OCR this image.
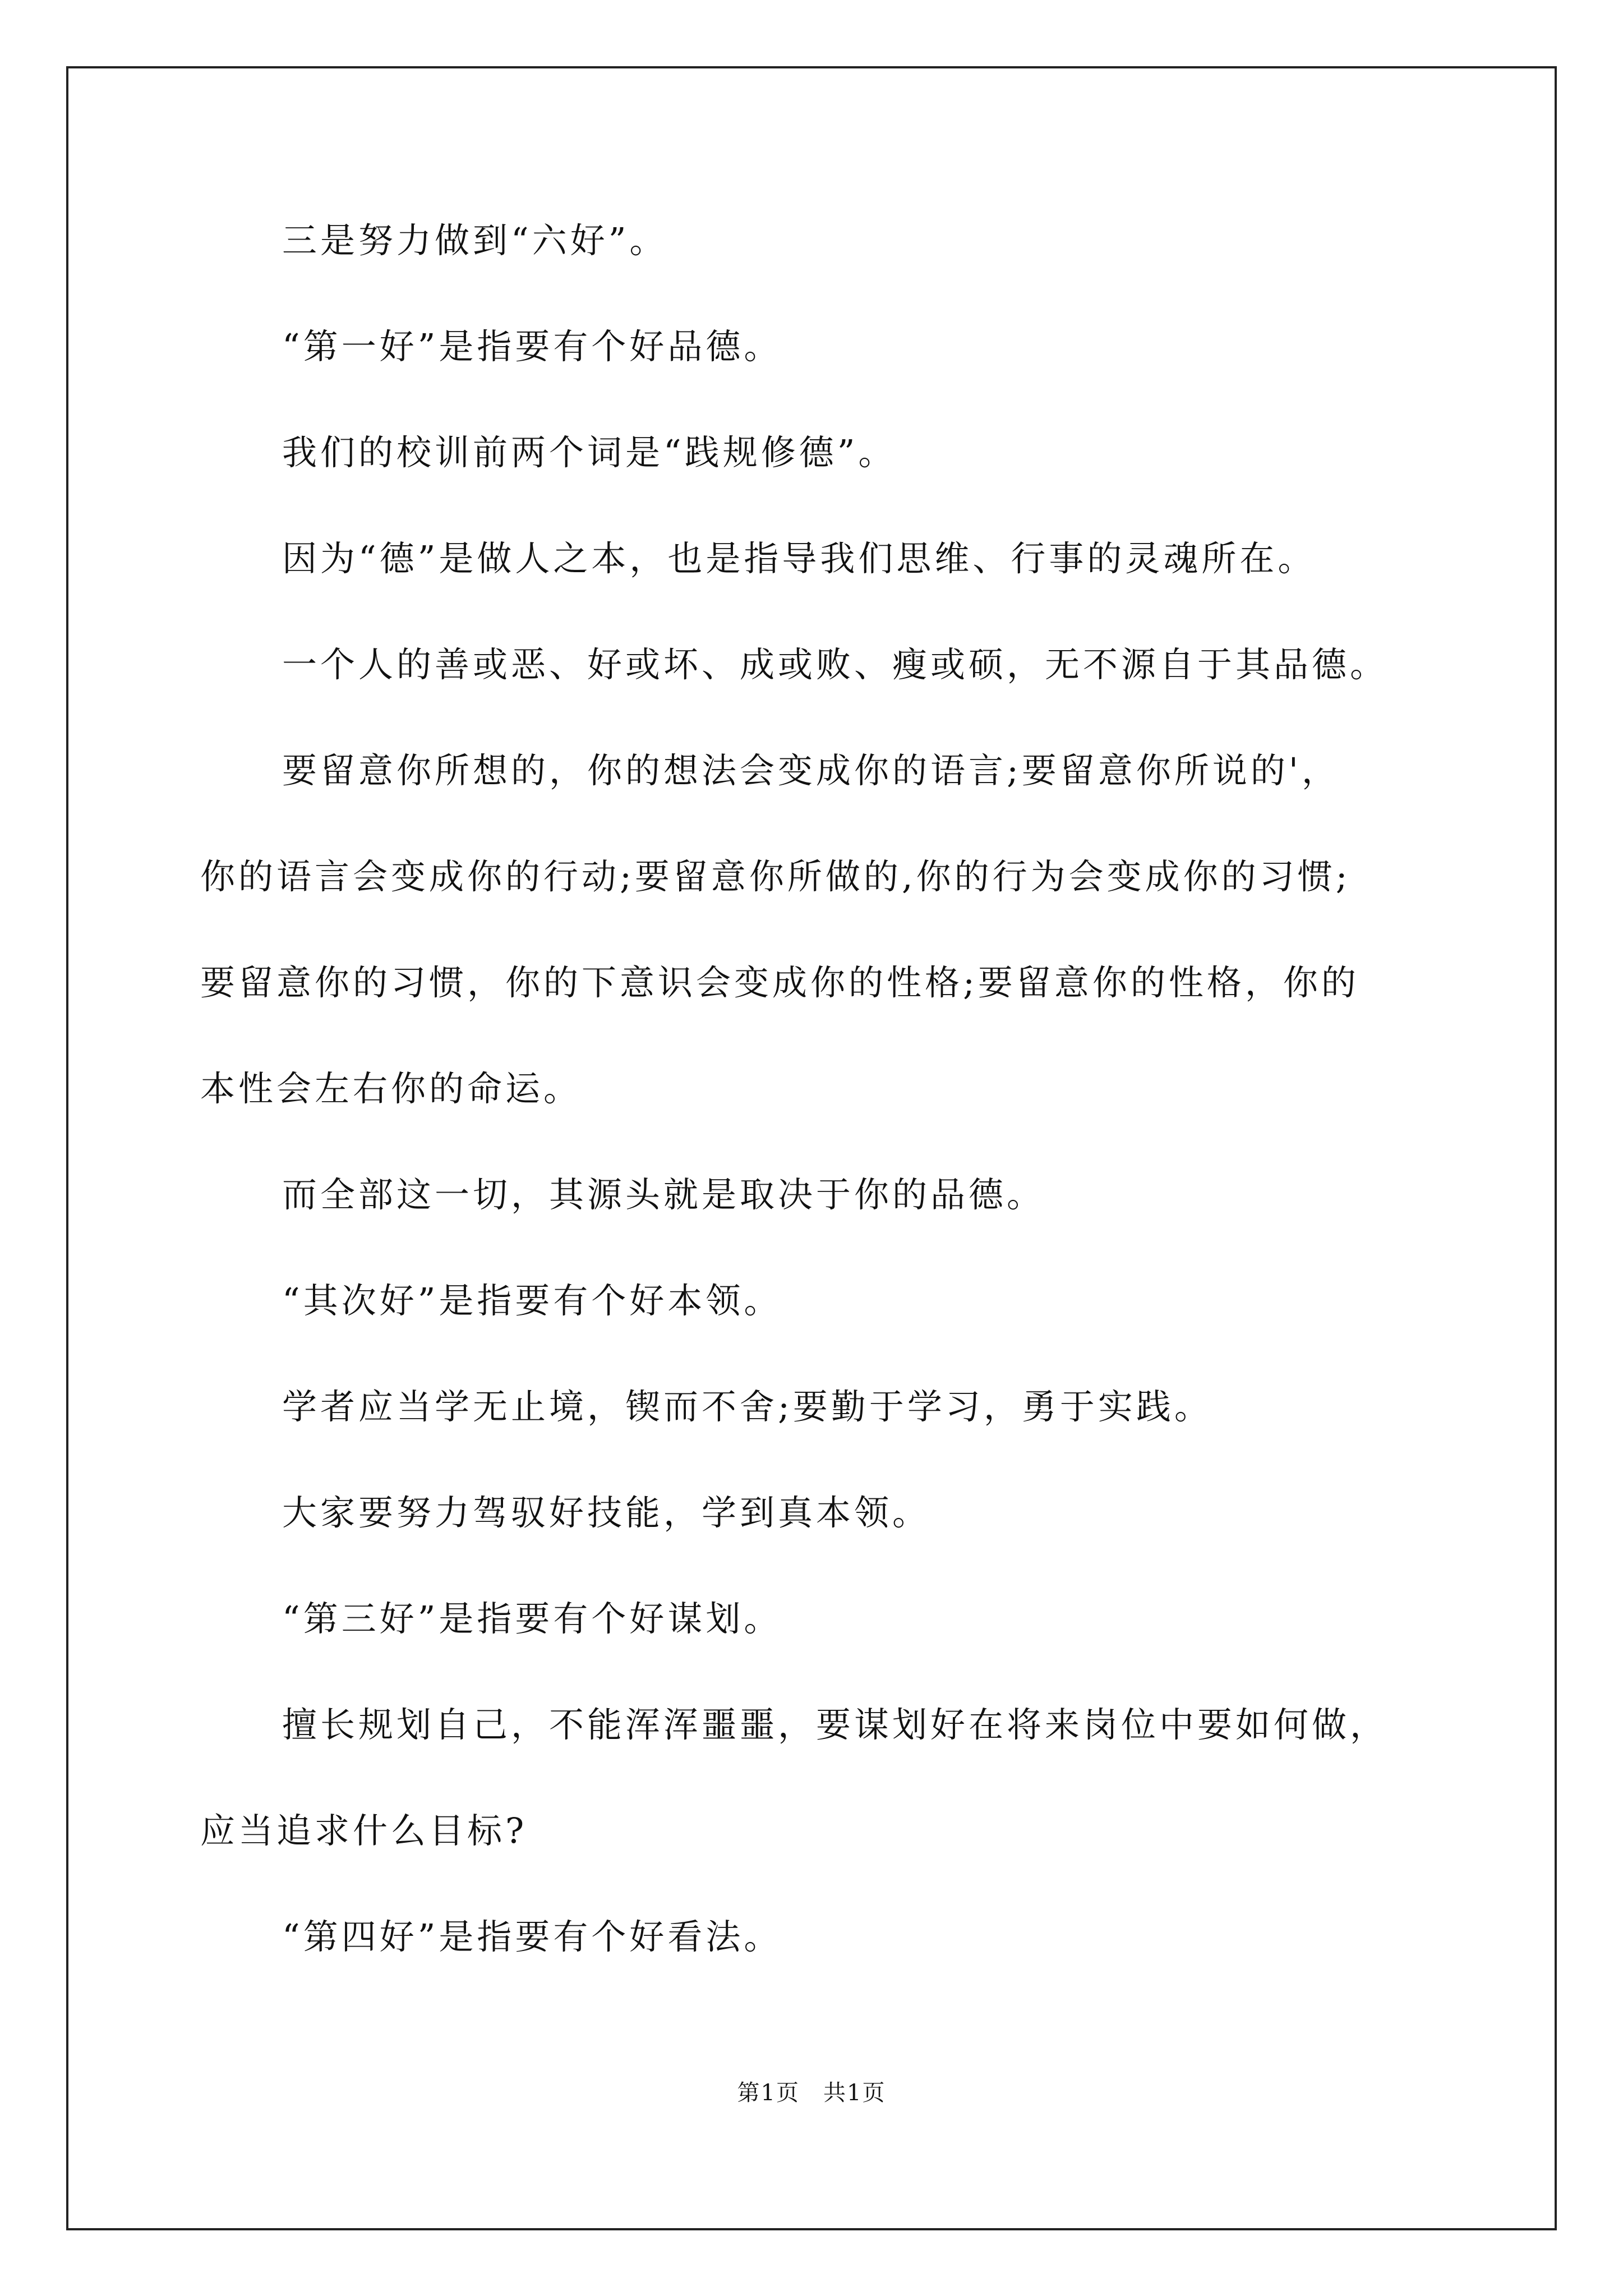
三是努力做到“六好”。
“第一好”是指要有个好品德。
我们的校训前两个词是“践规修德”。
因为“德”是做人之本，也是指导我们思维、行事的灵魂所在。
一个人的善或恶、好或坏、成或败、瘦或硕，无不源自于其品德。
要留意你所想的，你的想法会变成你的语言;要留意你所说的'，
你的语言会变成你的行动;要留意你所做的,你的行为会变成你的习惯;
要留意你的习惯，你的下意识会变成你的性格;要留意你的性格，你的
本性会左右你的命运。
而全部这一切，其源头就是取决于你的品德。
“其次好”是指要有个好本领。
学者应当学无止境，锲而不舍;要勤于学习，勇于实践。
大家要努力驾驭好技能，学到真本领。
“第三好”是指要有个好谋划。
擅长规划自己，不能浑浑噩噩，要谋划好在将来岗位中要如何做，
应当追求什么目标?
“第四好”是指要有个好看法。
第1页　共1页
